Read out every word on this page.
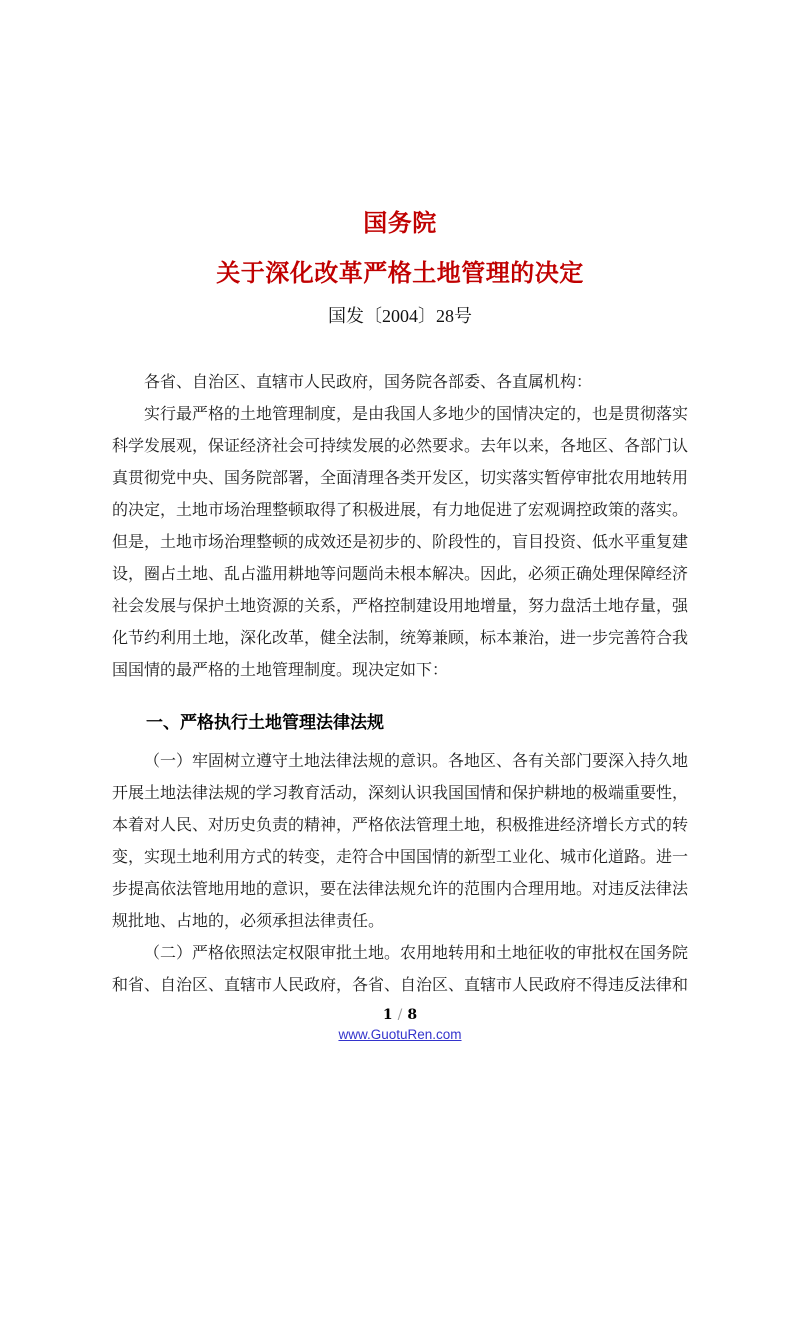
国务院
关于深化改革严格土地管理的决定
国发〔2004〕28号

各省、自治区、直辖市人民政府，国务院各部委、各直属机构：

实行最严格的土地管理制度，是由我国人多地少的国情决定的，也是贯彻落实科学发展观，保证经济社会可持续发展的必然要求。去年以来，各地区、各部门认真贯彻党中央、国务院部署，全面清理各类开发区，切实落实暂停审批农用地转用的决定，土地市场治理整顿取得了积极进展，有力地促进了宏观调控政策的落实。但是，土地市场治理整顿的成效还是初步的、阶段性的，盲目投资、低水平重复建设，圈占土地、乱占滥用耕地等问题尚未根本解决。因此，必须正确处理保障经济社会发展与保护土地资源的关系，严格控制建设用地增量，努力盘活土地存量，强化节约利用土地，深化改革，健全法制，统筹兼顾，标本兼治，进一步完善符合我国国情的最严格的土地管理制度。现决定如下：

一、严格执行土地管理法律法规

（一）牢固树立遵守土地法律法规的意识。各地区、各有关部门要深入持久地开展土地法律法规的学习教育活动，深刻认识我国国情和保护耕地的极端重要性，本着对人民、对历史负责的精神，严格依法管理土地，积极推进经济增长方式的转变，实现土地利用方式的转变，走符合中国国情的新型工业化、城市化道路。进一步提高依法管地用地的意识，要在法律法规允许的范围内合理用地。对违反法律法规批地、占地的，必须承担法律责任。

（二）严格依照法定权限审批土地。农用地转用和土地征收的审批权在国务院和省、自治区、直辖市人民政府，各省、自治区、直辖市人民政府不得违反法律和

1 / 8
www.GuotuRen.com
